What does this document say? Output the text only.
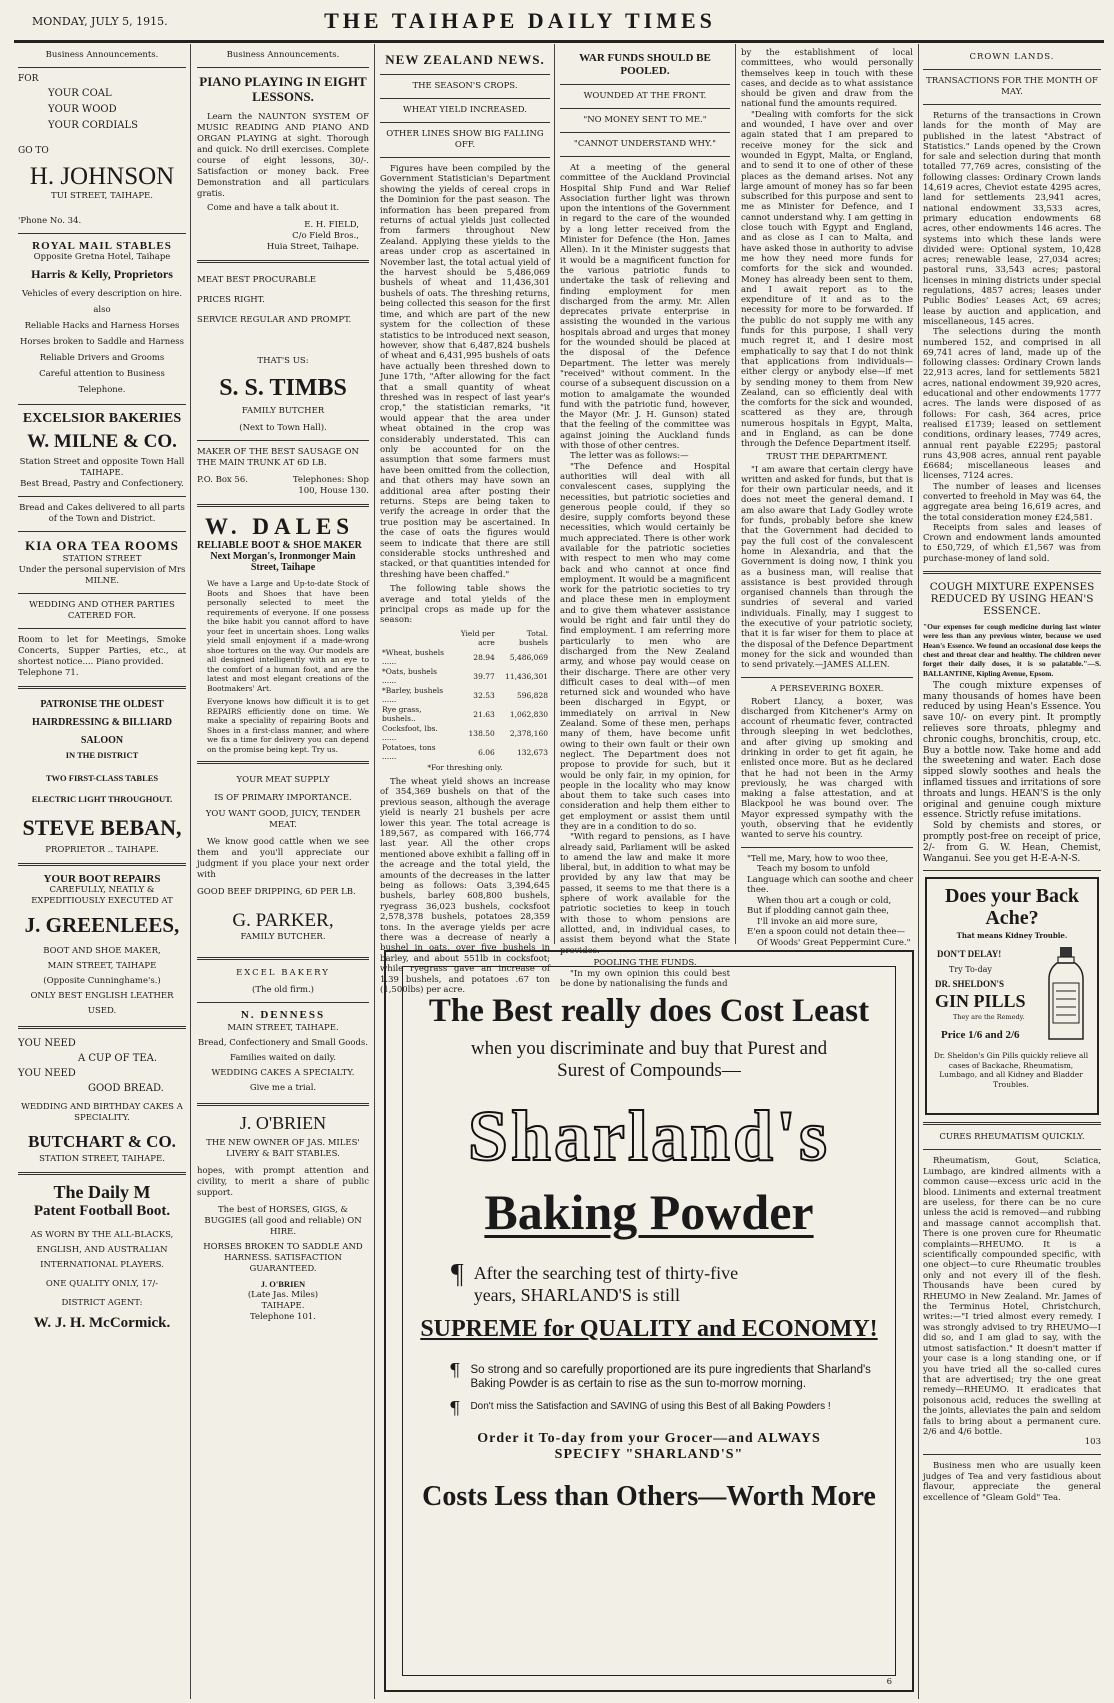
MONDAY, JULY 5, 1915.	THE TAIHAPE DAILY TIMES
Business Announcements.
FOR
YOUR COAL
YOUR WOOD
YOUR CORDIALS
GO TO
H. JOHNSON
TUI STREET, TAIHAPE.
'Phone No. 34.
ROYAL MAIL STABLES
Opposite Gretna Hotel, Taihape
Harris & Kelly, Proprietors
Vehicles of every description on hire.
also
Reliable Hacks and Harness Horses
Horses broken to Saddle and Harness
Reliable Drivers and Grooms
Careful attention to Business
Telephone.
EXCELSIOR BAKERIES
W. MILNE & CO.
Station Street and opposite Town Hall
TAIHAPE.
Best Bread, Pastry and Confectionery.
Bread and Cakes delivered to all parts of the Town and District.
KIA ORA TEA ROOMS
STATION STREET
Under the personal supervision of Mrs MILNE.
WEDDING AND OTHER PARTIES CATERED FOR.
Room to let for Meetings, Smoke Concerts, Supper Parties, etc., at shortest notice.... Piano provided.
Telephone 71.
PATRONISE THE OLDEST
HAIRDRESSING & BILLIARD
SALOON
IN THE DISTRICT
TWO FIRST-CLASS TABLES
ELECTRIC LIGHT THROUGHOUT.
STEVE BEBAN,
PROPRIETOR .. TAIHAPE.
YOUR BOOT REPAIRS
CAREFULLY, NEATLY & EXPEDITIOUSLY EXECUTED AT
J. GREENLEES,
BOOT AND SHOE MAKER,
MAIN STREET, TAIHAPE
(Opposite Cunninghame's.)
ONLY BEST ENGLISH LEATHER USED.
YOU NEED
A CUP OF TEA.
YOU NEED
GOOD BREAD.
WEDDING AND BIRTHDAY CAKES A SPECIALITY.
BUTCHART & CO.
STATION STREET, TAIHAPE.
The Daily M
Patent Football Boot.
AS WORN BY THE ALL-BLACKS, ENGLISH, AND AUSTRALIAN INTERNATIONAL PLAYERS.
ONE QUALITY ONLY, 17/-
DISTRICT AGENT:
W. J. H. McCormick.
Business Announcements.
PIANO PLAYING IN EIGHT LESSONS.
Learn the NAUNTON SYSTEM OF MUSIC READING AND PIANO AND ORGAN PLAYING at sight. Thorough and quick. No drill exercises. Complete course of eight lessons, 30/-. Satisfaction or money back. Free Demonstration and all particulars gratis.
Come and have a talk about it.
E. H. FIELD,
C/o Field Bros.,
Huia Street, Taihape.
MEAT BEST PROCURABLE
PRICES RIGHT.
SERVICE REGULAR AND PROMPT.
THAT'S US:
S. S. TIMBS
FAMILY BUTCHER
(Next to Town Hall).
MAKER OF THE BEST SAUSAGE ON THE MAIN TRUNK AT 6D LB.
P.O. Box 56.	Telephones: Shop 100, House 130.
W. DALES
RELIABLE BOOT & SHOE MAKER
Next Morgan's, Ironmonger Main Street, Taihape
We have a Large and Up-to-date Stock of Boots and Shoes that have been personally selected to meet the requirements of everyone. If one possess the bike habit you cannot afford to have your feet in uncertain shoes. Long walks yield small enjoyment if a made-wrong shoe tortures on the way. Our models are all designed intelligently with an eye to the comfort of a human foot, and are the latest and most elegant creations of the Bootmakers' Art.
Everyone knows how difficult it is to get REPAIRS efficiently done on time. We make a speciality of repairing Boots and Shoes in a first-class manner, and where we fix a time for delivery you can depend on the promise being kept. Try us.
YOUR MEAT SUPPLY
IS OF PRIMARY IMPORTANCE.
YOU WANT GOOD, JUICY, TENDER MEAT.
We know good cattle when we see them and you'll appreciate our judgment if you place your next order with
GOOD BEEF DRIPPING, 6D PER LB.
G. PARKER,
FAMILY BUTCHER.
EXCEL BAKERY
(The old firm.)
N. DENNESS
MAIN STREET, TAIHAPE.
Bread, Confectionery and Small Goods.
Families waited on daily.
WEDDING CAKES A SPECIALTY.
Give me a trial.
J. O'BRIEN
THE NEW OWNER OF JAS. MILES' LIVERY & BAIT STABLES.
hopes, with prompt attention and civility, to merit a share of public support.
The best of HORSES, GIGS, & BUGGIES (all good and reliable) ON HIRE.
HORSES BROKEN TO SADDLE AND HARNESS. SATISFACTION GUARANTEED.
J. O'BRIEN
(Late Jas. Miles)
TAIHAPE.
Telephone 101.
NEW ZEALAND NEWS.
THE SEASON'S CROPS.
WHEAT YIELD INCREASED.
OTHER LINES SHOW BIG FALLING OFF.
Figures have been compiled by the Government Statistician's Department showing the yields of cereal crops in the Dominion for the past season. The information has been prepared from returns of actual yields just collected from farmers throughout New Zealand. Applying these yields to the areas under crop as ascertained in November last, the total actual yield of the harvest should be 5,486,069 bushels of wheat and 11,436,301 bushels of oats. The threshing returns, being collected this season for the first time, and which are part of the new system for the collection of these statistics to be introduced next season, however, show that 6,487,824 bushels of wheat and 6,431,995 bushels of oats have actually been threshed down to June 17th, "After allowing for the fact that a small quantity of wheat threshed was in respect of last year's crop," the statistician remarks, "it would appear that the area under wheat obtained in the crop was considerably understated. This can only be accounted for on the assumption that some farmers must have been omitted from the collection, and that others may have sown an additional area after posting their returns. Steps are being taken to verify the acreage in order that the true position may be ascertained. In the case of oats the figures would seem to indicate that there are still considerable stocks unthreshed and stacked, or that quantities intended for threshing have been chaffed."
The following table shows the average and total yields of the principal crops as made up for the season:
	Yield per acre	Total. bushels
*Wheat, bushels ......	28.94	5,486,069
*Oats, bushels ......	39.77	11,436,301
*Barley, bushels ......	32.53	596,828
Rye grass, bushels..	21.63	1,062,830
Cocksfoot, lbs. ......	138.50	2,378,160
Potatoes, tons ......	6.06	132,673
*For threshing only.
The wheat yield shows an increase of 354,369 bushels on that of the previous season, although the average yield is nearly 21 bushels per acre lower this year. The total acreage is 189,567, as compared with 166,774 last year. All the other crops mentioned above exhibit a falling off in the acreage and the total yield, the amounts of the decreases in the latter being as follows: Oats 3,394,645 bushels, barley 608,800 bushels, ryegrass 36,023 bushels, cocksfoot 2,578,378 bushels, potatoes 28,359 tons. In the average yields per acre there was a decrease of nearly a bushel in oats, over five bushels in barley, and about 551lb in cocksfoot; while ryegrass gave an increase of 1.39 bushels, and potatoes .67 ton (1,500lbs) per acre.
WAR FUNDS SHOULD BE POOLED.
WOUNDED AT THE FRONT.
"NO MONEY SENT TO ME."
"CANNOT UNDERSTAND WHY."
At a meeting of the general committee of the Auckland Provincial Hospital Ship Fund and War Relief Association further light was thrown upon the intentions of the Government in regard to the care of the wounded by a long letter received from the Minister for Defence (the Hon. James Allen). In it the Minister suggests that it would be a magnificent function for the various patriotic funds to undertake the task of relieving and finding employment for men discharged from the army. Mr. Allen deprecates private enterprise in assisting the wounded in the various hospitals abroad and urges that money for the wounded should be placed at the disposal of the Defence Department. The letter was merely "received" without comment. In the course of a subsequent discussion on a motion to amalgamate the wounded fund with the patriotic fund, however, the Mayor (Mr. J. H. Gunson) stated that the feeling of the committee was against joining the Auckland funds with those of other centres.
The letter was as follows:—
"The Defence and Hospital authorities will deal with all convalescent cases, supplying the necessities, but patriotic societies and generous people could, if they so desire, supply comforts beyond these necessities, which would certainly be much appreciated. There is other work available for the patriotic societies with respect to men who may come back and who cannot at once find employment. It would be a magnificent work for the patriotic societies to try and place these men in employment and to give them whatever assistance would be right and fair until they do find employment. I am referring more particularly to men who are discharged from the New Zealand army, and whose pay would cease on their discharge. There are other very difficult cases to deal with—of men returned sick and wounded who have been discharged in Egypt, or immediately on arrival in New Zealand. Some of these men, perhaps many of them, have become unfit owing to their own fault or their own neglect. The Department does not propose to provide for such, but it would be only fair, in my opinion, for people in the locality who may know about them to take such cases into consideration and help them either to get employment or assist them until they are in a condition to do so.
"With regard to pensions, as I have already said, Parliament will be asked to amend the law and make it more liberal, but, in addition to what may be provided by any law that may be passed, it seems to me that there is a sphere of work available for the patriotic societies to keep in touch with those to whom pensions are allotted, and, in individual cases, to assist them beyond what the State provides.
POOLING THE FUNDS.
"In my own opinion this could best be done by nationalising the funds and
by the establishment of local committees, who would personally themselves keep in touch with these cases, and decide as to what assistance should be given and draw from the national fund the amounts required.
"Dealing with comforts for the sick and wounded, I have over and over again stated that I am prepared to receive money for the sick and wounded in Egypt, Malta, or England, and to send it to one of other of these places as the demand arises. Not any large amount of money has so far been subscribed for this purpose and sent to me as Minister for Defence, and I cannot understand why. I am getting in close touch with Egypt and England, and as close as I can to Malta, and have asked those in authority to advise me how they need more funds for comforts for the sick and wounded. Money has already been sent to them, and I await report as to the expenditure of it and as to the necessity for more to be forwarded. If the public do not supply me with any funds for this purpose, I shall very much regret it, and I desire most emphatically to say that I do not think that applications from individuals—either clergy or anybody else—if met by sending money to them from New Zealand, can so efficiently deal with the comforts for the sick and wounded, scattered as they are, through numerous hospitals in Egypt, Malta, and in England, as can be done through the Defence Department itself.
TRUST THE DEPARTMENT.
"I am aware that certain clergy have written and asked for funds, but that is for their own particular needs, and it does not meet the general demand. I am also aware that Lady Godley wrote for funds, probably before she knew that the Government had decided to pay the full cost of the convalescent home in Alexandria, and that the Government is doing now, I think you as a business man, will realise that assistance is best provided through organised channels than through the sundries of several and varied individuals. Finally, may I suggest to the executive of your patriotic society, that it is far wiser for them to place at the disposal of the Defence Department money for the sick and wounded than to send privately.—JAMES ALLEN.
A PERSEVERING BOXER.
Robert Llancy, a boxer, was discharged from Kitchener's Army on account of rheumatic fever, contracted through sleeping in wet bedclothes, and after giving up smoking and drinking in order to get fit again, he enlisted once more. But as he declared that he had not been in the Army previously, he was charged with making a false attestation, and at Blackpool he was bound over. The Mayor expressed sympathy with the youth, observing that he evidently wanted to serve his country.
"Tell me, Mary, how to woo thee,
Teach my bosom to unfold
Language which can soothe and cheer thee.
When thou art a cough or cold,
But if plodding cannot gain thee,
I'll invoke an aid more sure,
E'en a spoon could not detain thee—
Of Woods' Great Peppermint Cure."
CROWN LANDS.
TRANSACTIONS FOR THE MONTH OF MAY.
Returns of the transactions in Crown lands for the month of May are published in the latest "Abstract of Statistics." Lands opened by the Crown for sale and selection during that month totalled 77,769 acres, consisting of the following classes: Ordinary Crown lands 14,619 acres, Cheviot estate 4295 acres, land for settlements 23,941 acres, national endowment 33,533 acres, primary education endowments 68 acres, other endowments 146 acres. The systems into which these lands were divided were: Optional system, 10,428 acres; renewable lease, 27,034 acres; pastoral runs, 33,543 acres; pastoral licenses in mining districts under special regulations, 4857 acres; leases under Public Bodies' Leases Act, 69 acres; lease by auction and application, and miscellaneous, 145 acres.
The selections during the month numbered 152, and comprised in all 69,741 acres of land, made up of the following classes: Ordinary Crown lands 22,913 acres, land for settlements 5821 acres, national endowment 39,920 acres, educational and other endowments 1777 acres. The lands were disposed of as follows: For cash, 364 acres, price realised £1739; leased on settlement conditions, ordinary leases, 7749 acres, annual rent payable £2295; pastoral runs 43,908 acres, annual rent payable £6684; miscellaneous leases and licenses, 7124 acres.
The number of leases and licenses converted to freehold in May was 64, the aggregate area being 16,619 acres, and the total consideration money £24,581.
Receipts from sales and leases of Crown and endowment lands amounted to £50,729, of which £1,567 was from purchase-money of land sold.
COUGH MIXTURE EXPENSES REDUCED BY USING HEAN'S ESSENCE.
"Our expenses for cough medicine during last winter were less than any previous winter, because we used Hean's Essence. We found an occasional dose keeps the chest and throat clear and healthy. The children never forget their daily doses, it is so palatable."—S. BALLANTINE, Kipling Avenue, Epsom.
The cough mixture expenses of many thousands of homes have been reduced by using Hean's Essence. You save 10/- on every pint. It promptly relieves sore throats, phlegmy and chronic coughs, bronchitis, croup, etc. Buy a bottle now. Take home and add the sweetening and water. Each dose sipped slowly soothes and heals the inflamed tissues and irritations of sore throats and lungs. HEAN'S is the only original and genuine cough mixture essence. Strictly refuse imitations.
Sold by chemists and stores, or promptly post-free on receipt of price, 2/- from G. W. Hean, Chemist, Wanganui. See you get H-E-A-N-S.
Does your Back Ache?
That means Kidney Trouble.
DON'T DELAY!
Try To-day
DR. SHELDON'S
GIN PILLS
They are the Remedy.
Price 1/6 and 2/6
Dr. Sheldon's Gin Pills quickly relieve all cases of Backache, Rheumatism, Lumbago, and all Kidney and Bladder Troubles.
CURES RHEUMATISM QUICKLY.
Rheumatism, Gout, Sciatica, Lumbago, are kindred ailments with a common cause—excess uric acid in the blood. Liniments and external treatment are useless, for there can be no cure unless the acid is removed—and rubbing and massage cannot accomplish that. There is one proven cure for Rheumatic complaints—RHEUMO. It is a scientifically compounded specific, with one object—to cure Rheumatic troubles only and not every ill of the flesh. Thousands have been cured by RHEUMO in New Zealand. Mr. James of the Terminus Hotel, Christchurch, writes:—"I tried almost every remedy. I was strongly advised to try RHEUMO—I did so, and I am glad to say, with the utmost satisfaction." It doesn't matter if your case is a long standing one, or if you have tried all the so-called cures that are advertised; try the one great remedy—RHEUMO. It eradicates that poisonous acid, reduces the swelling at the joints, alleviates the pain and seldom fails to bring about a permanent cure. 2/6 and 4/6 bottle.
103
Business men who are usually keen judges of Tea and very fastidious about flavour, appreciate the general excellence of "Gleam Gold" Tea.
The Best really does Cost Least
when you discriminate and buy that Purest and Surest of Compounds—
Sharland's
Baking Powder
¶ After the searching test of thirty-five years, SHARLAND'S is still
SUPREME for QUALITY and ECONOMY!
¶ So strong and so carefully proportioned are its pure ingredients that Sharland's Baking Powder is as certain to rise as the sun to-morrow morning.
¶ Don't miss the Satisfaction and SAVING of using this Best of all Baking Powders !
Order it To-day from your Grocer—and ALWAYS SPECIFY "SHARLAND'S"
Costs Less than Others—Worth More
6
